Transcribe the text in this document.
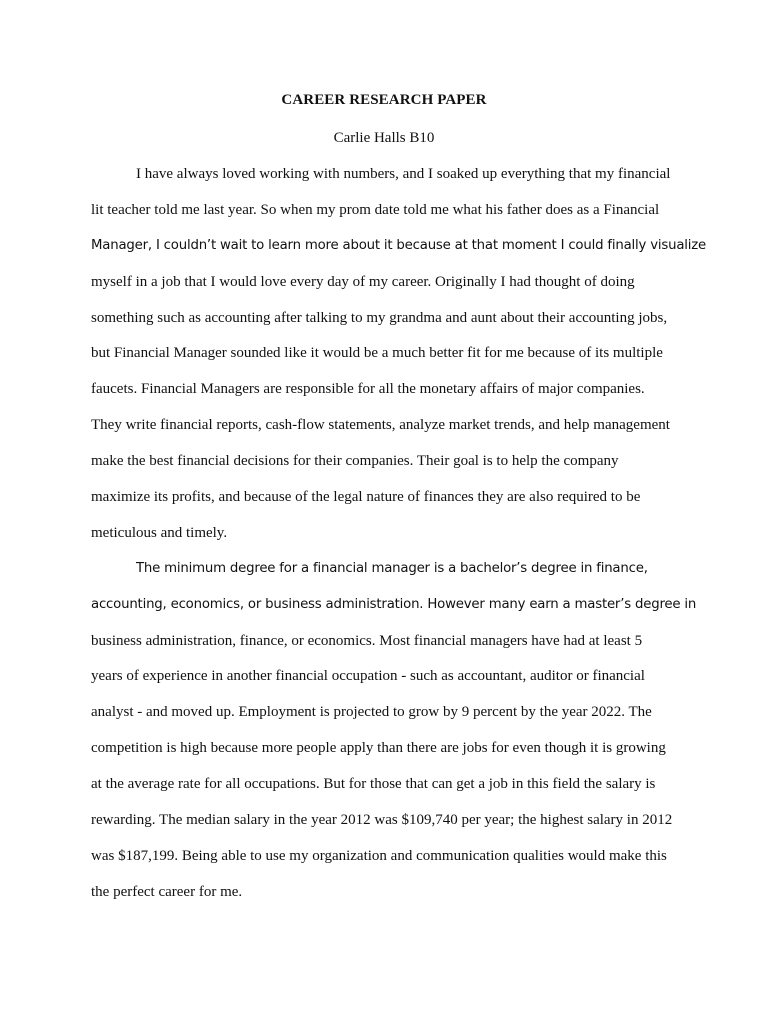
CAREER RESEARCH PAPER
Carlie Halls B10
I have always loved working with numbers, and I soaked up everything that my financial
lit teacher told me last year. So when my prom date told me what his father does as a Financial
Manager, I couldn’t wait to learn more about it because at that moment I could finally visualize
myself in a job that I would love every day of my career. Originally I had thought of doing
something such as accounting after talking to my grandma and aunt about their accounting jobs,
but Financial Manager sounded like it would be a much better fit for me because of its multiple
faucets. Financial Managers are responsible for all the monetary affairs of major companies.
They write financial reports, cash-flow statements, analyze market trends, and help management
make the best financial decisions for their companies. Their goal is to help the company
maximize its profits, and because of the legal nature of finances they are also required to be
meticulous and timely.
The minimum degree for a financial manager is a bachelor’s degree in finance,
accounting, economics, or business administration. However many earn a master’s degree in
business administration, finance, or economics. Most financial managers have had at least 5
years of experience in another financial occupation - such as accountant, auditor or financial
analyst - and moved up. Employment is projected to grow by 9 percent by the year 2022. The
competition is high because more people apply than there are jobs for even though it is growing
at the average rate for all occupations. But for those that can get a job in this field the salary is
rewarding. The median salary in the year 2012 was $109,740 per year; the highest salary in 2012
was $187,199. Being able to use my organization and communication qualities would make this
the perfect career for me.
